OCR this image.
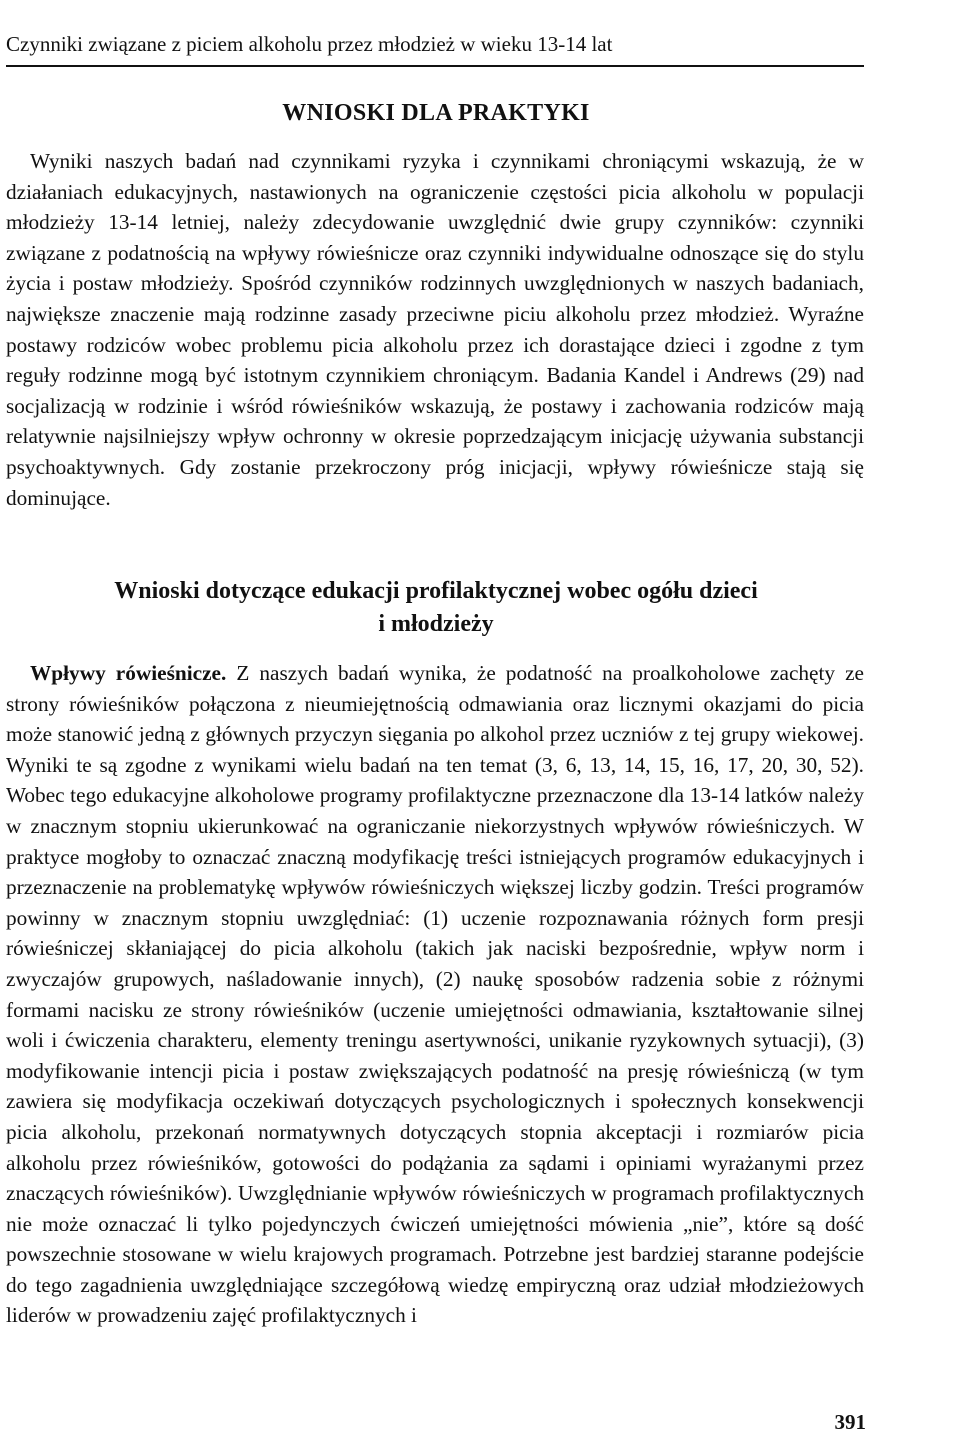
Czynniki związane z piciem alkoholu przez młodzież w wieku 13-14 lat
WNIOSKI DLA PRAKTYKI

Wyniki naszych badań nad czynnikami ryzyka i czynnikami chroniącymi wskazują, że w działaniach edukacyjnych, nastawionych na ograniczenie częstości picia alkoholu w populacji młodzieży 13-14 letniej, należy zdecydowanie uwzględnić dwie grupy czynników: czynniki związane z podatnością na wpływy rówieśnicze oraz czynniki indywidualne odnoszące się do stylu życia i postaw młodzieży. Spośród czynników rodzinnych uwzględnionych w naszych badaniach, największe znaczenie mają rodzinne zasady przeciwne piciu alkoholu przez młodzież. Wyraźne postawy rodziców wobec problemu picia alkoholu przez ich dorastające dzieci i zgodne z tym reguły rodzinne mogą być istotnym czynnikiem chroniącym. Badania Kandel i Andrews (29) nad socjalizacją w rodzinie i wśród rówieśników wskazują, że postawy i zachowania rodziców mają relatywnie najsilniejszy wpływ ochronny w okresie poprzedzającym inicjację używania substancji psychoaktywnych. Gdy zostanie przekroczony próg inicjacji, wpływy rówieśnicze stają się dominujące.

Wnioski dotyczące edukacji profilaktycznej wobec ogółu dzieci
i młodzieży

Wpływy rówieśnicze. Z naszych badań wynika, że podatność na proalkoholowe zachęty ze strony rówieśników połączona z nieumiejętnością odmawiania oraz licznymi okazjami do picia może stanowić jedną z głównych przyczyn sięgania po alkohol przez uczniów z tej grupy wiekowej. Wyniki te są zgodne z wynikami wielu badań na ten temat (3, 6, 13, 14, 15, 16, 17, 20, 30, 52). Wobec tego edukacyjne alkoholowe programy profilaktyczne przeznaczone dla 13-14 latków należy w znacznym stopniu ukierunkować na ograniczanie niekorzystnych wpływów rówieśniczych. W praktyce mogłoby to oznaczać znaczną modyfikację treści istniejących programów edukacyjnych i przeznaczenie na problematykę wpływów rówieśniczych większej liczby godzin. Treści programów powinny w znacznym stopniu uwzględniać: (1) uczenie rozpoznawania różnych form presji rówieśniczej skłaniającej do picia alkoholu (takich jak naciski bezpośrednie, wpływ norm i zwyczajów grupowych, naśladowanie innych), (2) naukę sposobów radzenia sobie z różnymi formami nacisku ze strony rówieśników (uczenie umiejętności odmawiania, kształtowanie silnej woli i ćwiczenia charakteru, elementy treningu asertywności, unikanie ryzykownych sytuacji), (3) modyfikowanie intencji picia i postaw zwiększających podatność na presję rówieśniczą (w tym zawiera się modyfikacja oczekiwań dotyczących psychologicznych i społecznych konsekwencji picia alkoholu, przekonań normatywnych dotyczących stopnia akceptacji i rozmiarów picia alkoholu przez rówieśników, gotowości do podążania za sądami i opiniami wyrażanymi przez znaczących rówieśników). Uwzględnianie wpływów rówieśniczych w programach profilaktycznych nie może oznaczać li tylko pojedynczych ćwiczeń umiejętności mówienia „nie”, które są dość powszechnie stosowane w wielu krajowych programach. Potrzebne jest bardziej staranne podejście do tego zagadnienia uwzględniające szczegółową wiedzę empiryczną oraz udział młodzieżowych liderów w prowadzeniu zajęć profilaktycznych i

391
